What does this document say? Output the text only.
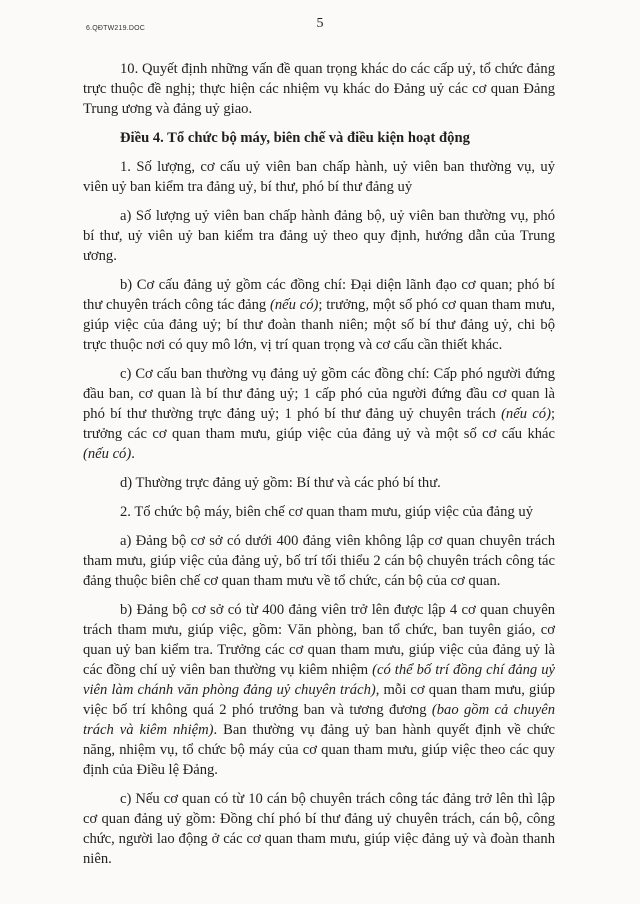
6.QĐTW219.DOC	5

10. Quyết định những vấn đề quan trọng khác do các cấp uỷ, tổ chức đảng trực thuộc đề nghị; thực hiện các nhiệm vụ khác do Đảng uỷ các cơ quan Đảng Trung ương và đảng uỷ giao.

Điều 4. Tổ chức bộ máy, biên chế và điều kiện hoạt động

1. Số lượng, cơ cấu uỷ viên ban chấp hành, uỷ viên ban thường vụ, uỷ viên uỷ ban kiểm tra đảng uỷ, bí thư, phó bí thư đảng uỷ

a) Số lượng uỷ viên ban chấp hành đảng bộ, uỷ viên ban thường vụ, phó bí thư, uỷ viên uỷ ban kiểm tra đảng uỷ theo quy định, hướng dẫn của Trung ương.

b) Cơ cấu đảng uỷ gồm các đồng chí: Đại diện lãnh đạo cơ quan; phó bí thư chuyên trách công tác đảng (nếu có); trưởng, một số phó cơ quan tham mưu, giúp việc của đảng uỷ; bí thư đoàn thanh niên; một số bí thư đảng uỷ, chi bộ trực thuộc nơi có quy mô lớn, vị trí quan trọng và cơ cấu cần thiết khác.

c) Cơ cấu ban thường vụ đảng uỷ gồm các đồng chí: Cấp phó người đứng đầu ban, cơ quan là bí thư đảng uỷ; 1 cấp phó của người đứng đầu cơ quan là phó bí thư thường trực đảng uỷ; 1 phó bí thư đảng uỷ chuyên trách (nếu có); trưởng các cơ quan tham mưu, giúp việc của đảng uỷ và một số cơ cấu khác (nếu có).

d) Thường trực đảng uỷ gồm: Bí thư và các phó bí thư.

2. Tổ chức bộ máy, biên chế cơ quan tham mưu, giúp việc của đảng uỷ

a) Đảng bộ cơ sở có dưới 400 đảng viên không lập cơ quan chuyên trách tham mưu, giúp việc của đảng uỷ, bố trí tối thiểu 2 cán bộ chuyên trách công tác đảng thuộc biên chế cơ quan tham mưu về tổ chức, cán bộ của cơ quan.

b) Đảng bộ cơ sở có từ 400 đảng viên trở lên được lập 4 cơ quan chuyên trách tham mưu, giúp việc, gồm: Văn phòng, ban tổ chức, ban tuyên giáo, cơ quan uỷ ban kiểm tra. Trưởng các cơ quan tham mưu, giúp việc của đảng uỷ là các đồng chí uỷ viên ban thường vụ kiêm nhiệm (có thể bố trí đồng chí đảng uỷ viên làm chánh văn phòng đảng uỷ chuyên trách), mỗi cơ quan tham mưu, giúp việc bố trí không quá 2 phó trưởng ban và tương đương (bao gồm cả chuyên trách và kiêm nhiệm). Ban thường vụ đảng uỷ ban hành quyết định về chức năng, nhiệm vụ, tổ chức bộ máy của cơ quan tham mưu, giúp việc theo các quy định của Điều lệ Đảng.

c) Nếu cơ quan có từ 10 cán bộ chuyên trách công tác đảng trở lên thì lập cơ quan đảng uỷ gồm: Đồng chí phó bí thư đảng uỷ chuyên trách, cán bộ, công chức, người lao động ở các cơ quan tham mưu, giúp việc đảng uỷ và đoàn thanh niên.
